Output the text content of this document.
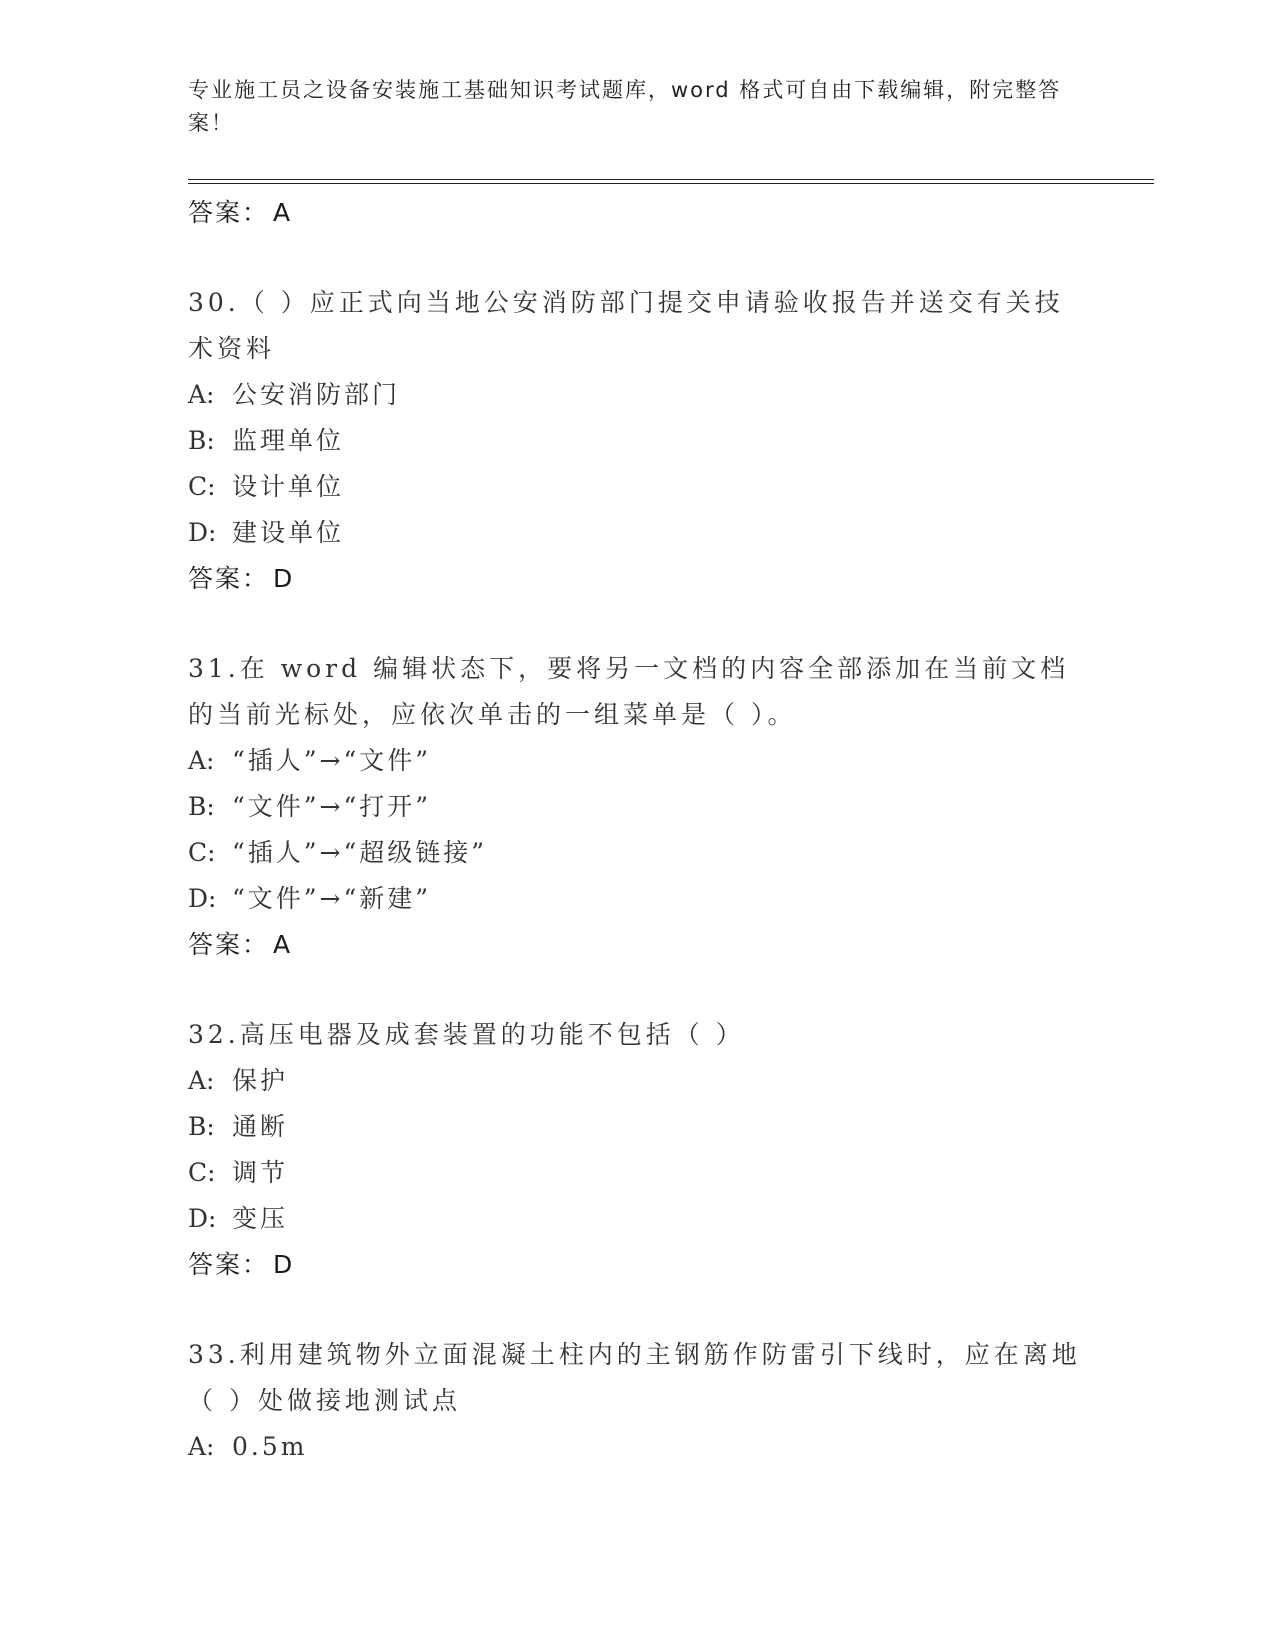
专业施工员之设备安装施工基础知识考试题库，word 格式可自由下载编辑，附完整答案！
答案： A
30.（ ）应正式向当地公安消防部门提交申请验收报告并送交有关技术资料
A: 公安消防部门
B: 监理单位
C: 设计单位
D: 建设单位
答案： D
31.在 word 编辑状态下，要将另一文档的内容全部添加在当前文档的当前光标处，应依次单击的一组菜单是（ ）。
A: “插人”→“文件”
B: “文件”→“打开”
C: “插人”→“超级链接”
D: “文件”→“新建”
答案： A
32.高压电器及成套装置的功能不包括（ ）
A: 保护
B: 通断
C: 调节
D: 变压
答案： D
33.利用建筑物外立面混凝土柱内的主钢筋作防雷引下线时，应在离地（ ）处做接地测试点
A: 0.5m
